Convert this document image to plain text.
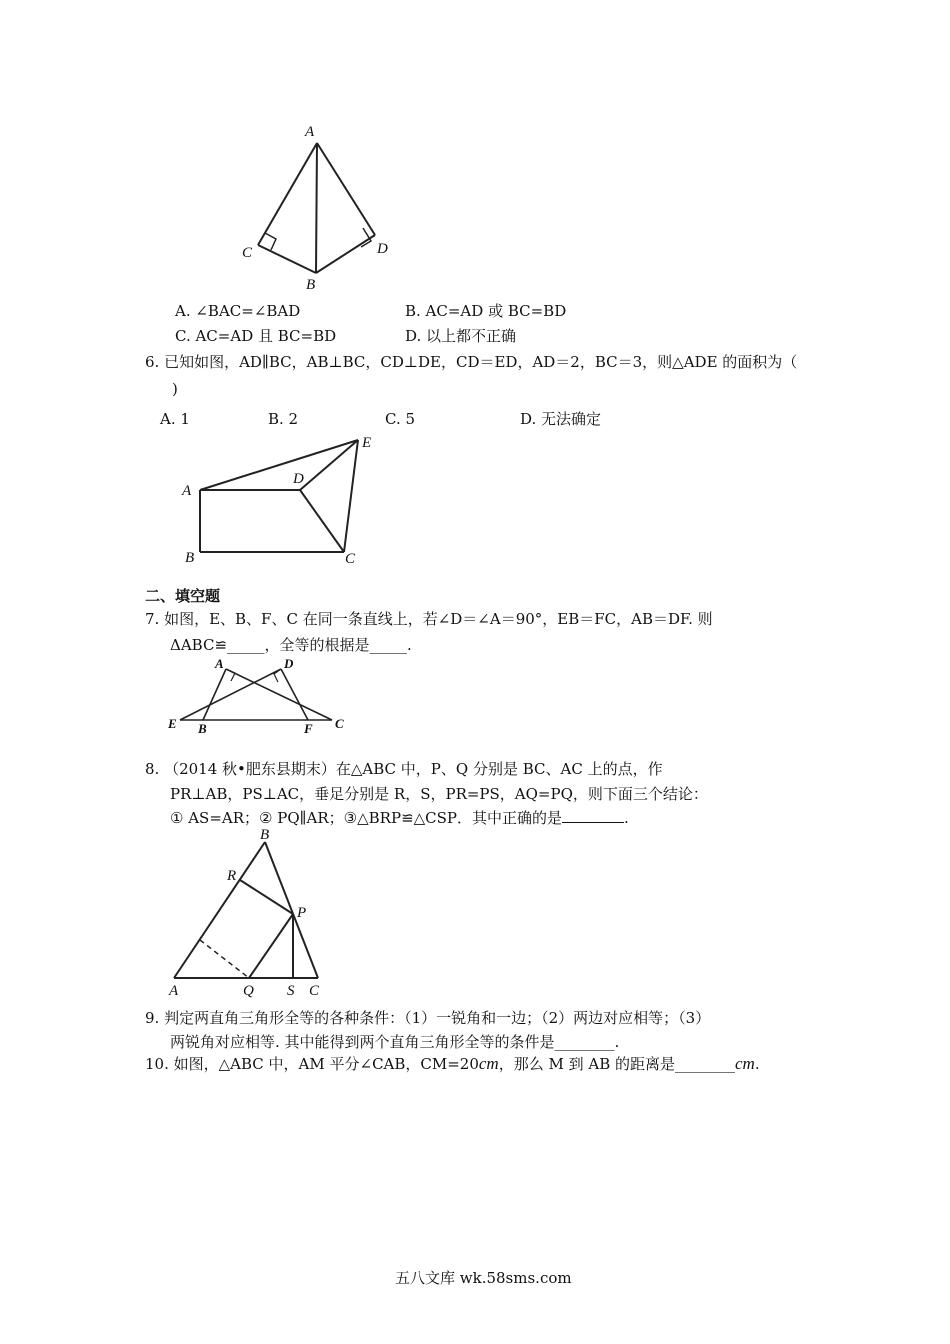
A
C	D
B
A. ∠BAC=∠BAD	B. AC=AD 或 BC=BD
C. AC=AD 且 BC=BD	D. 以上都不正确
6. 已知如图，AD∥BC，AB⊥BC，CD⊥DE，CD＝ED，AD＝2，BC＝3，则△ADE 的面积为（
)
A. 1	B. 2	C. 5	D. 无法确定
E
D
A
B	C
二、填空题
7. 如图，E、B、F、C 在同一条直线上，若∠D＝∠A＝90°，EB＝FC，AB＝DF. 则
ΔABC≌_____，全等的根据是_____.
A	D
E B	F C
8. （2014 秋•肥东县期末）在△ABC 中，P、Q 分别是 BC、AC 上的点，作
PR⊥AB，PS⊥AC，垂足分别是 R，S，PR=PS，AQ=PQ，则下面三个结论：
① AS=AR；② PQ∥AR；③△BRP≌△CSP．其中正确的是	.
B
R
P
A	Q S C
9. 判定两直角三角形全等的各种条件：（1）一锐角和一边；（2）两边对应相等；（3）
两锐角对应相等. 其中能得到两个直角三角形全等的条件是________.
10. 如图，△ABC 中，AM 平分∠CAB，CM=20cm，那么 M 到 AB 的距离是________cm.
五八文库 wk.58sms.com
